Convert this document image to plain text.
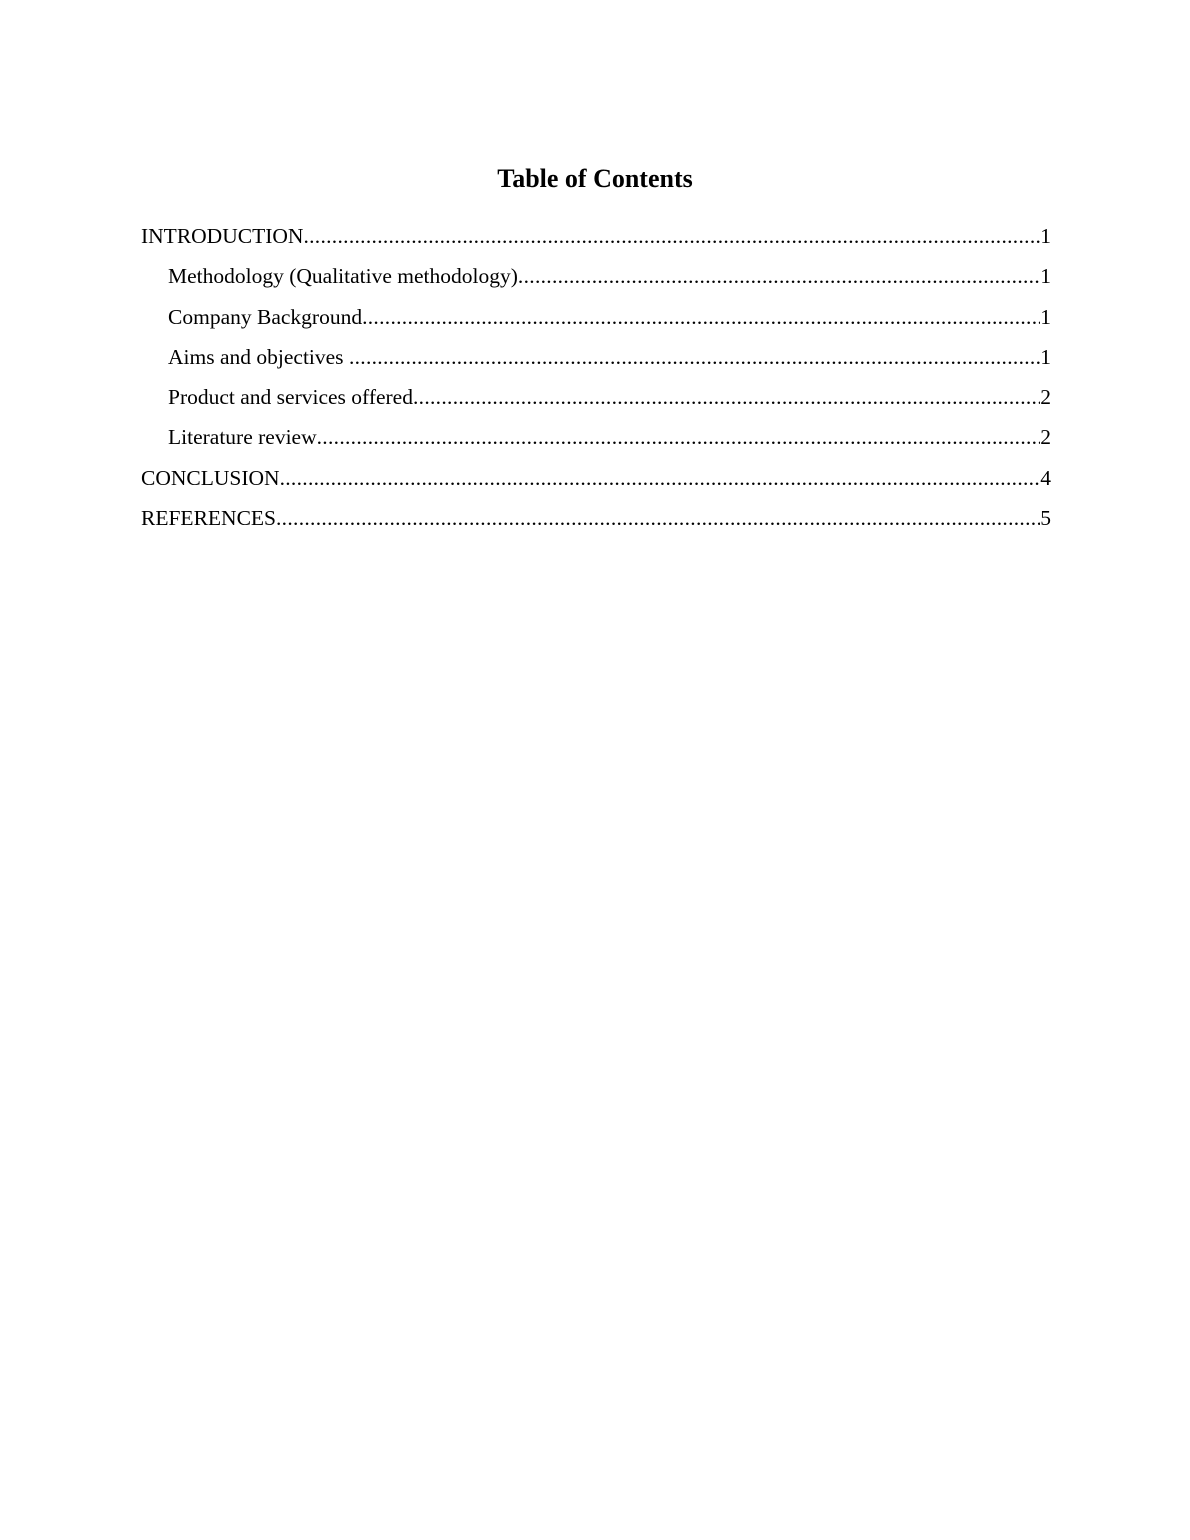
Table of Contents
INTRODUCTION .....	1
Methodology (Qualitative methodology) .....	1
Company Background .....	1
Aims and objectives .....	1
Product and services offered .....	2
Literature review .....	2
CONCLUSION .....	4
REFERENCES .....	5
